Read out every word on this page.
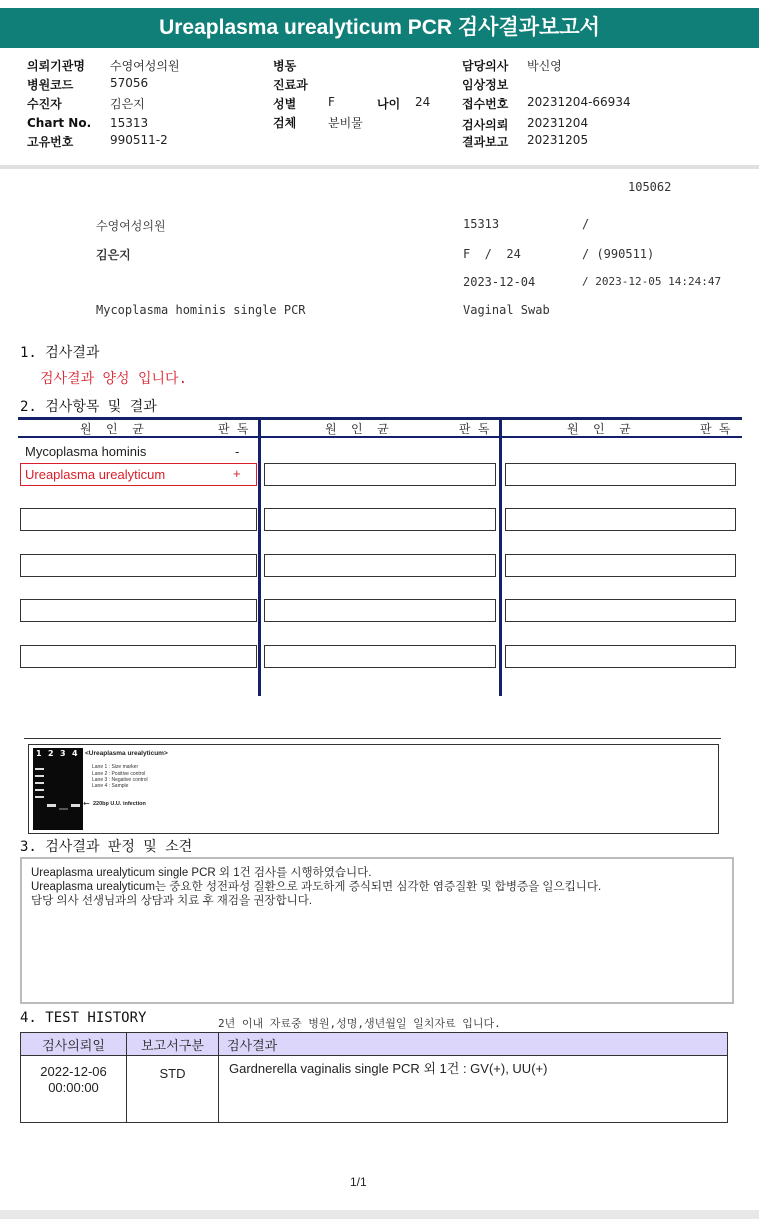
Ureaplasma urealyticum PCR 검사결과보고서
의뢰기관명 수영여성의원
병원코드	57056
수진자	김은지
Chart No. 15313
고유번호	990511-2
병동
진료과
성별	F	나이 24
검체	분비물
담당의사 박신영
임상정보
접수번호 20231204-66934
검사의뢰 20231204
결과보고 20231205
105062
수영여성의원	15313	/
김은지	F  /  24	/ (990511)
2023-12-04	/ 2023-12-05 14:24:47
Mycoplasma hominis single PCR	Vaginal Swab
1. 검사결과
검사결과 양성 입니다.
2. 검사항목 및 결과
원  인  균	판 독	원  인  균	판 독	원  인  균	판 독
Mycoplasma hominis	-
Ureaplasma urealyticum	+
1 2 3 4 <Ureaplasma urealyticum>
Lane 1 : Size marker
Lane 2 : Positive control
Lane 3 : Negative control
Lane 4 : Sample
← 220bp U.U. infection
3. 검사결과 판정 및 소견
Ureaplasma urealyticum single PCR 외 1건 검사를 시행하였습니다.
Ureaplasma urealyticum는 중요한 성전파성 질환으로 과도하게 증식되면 심각한 염증질환 및 합병증을 일으킵니다.
담당 의사 선생님과의 상담과 치료 후 재검을 권장합니다.
4. TEST HISTORY	2년 이내 자료중 병원,성명,생년월일 일치자료 입니다.
검사의뢰일	보고서구분	검사결과

2022-12-06
00:00:00	STD	Gardnerella vaginalis single PCR 외 1건 : GV(+), UU(+)
1/1
